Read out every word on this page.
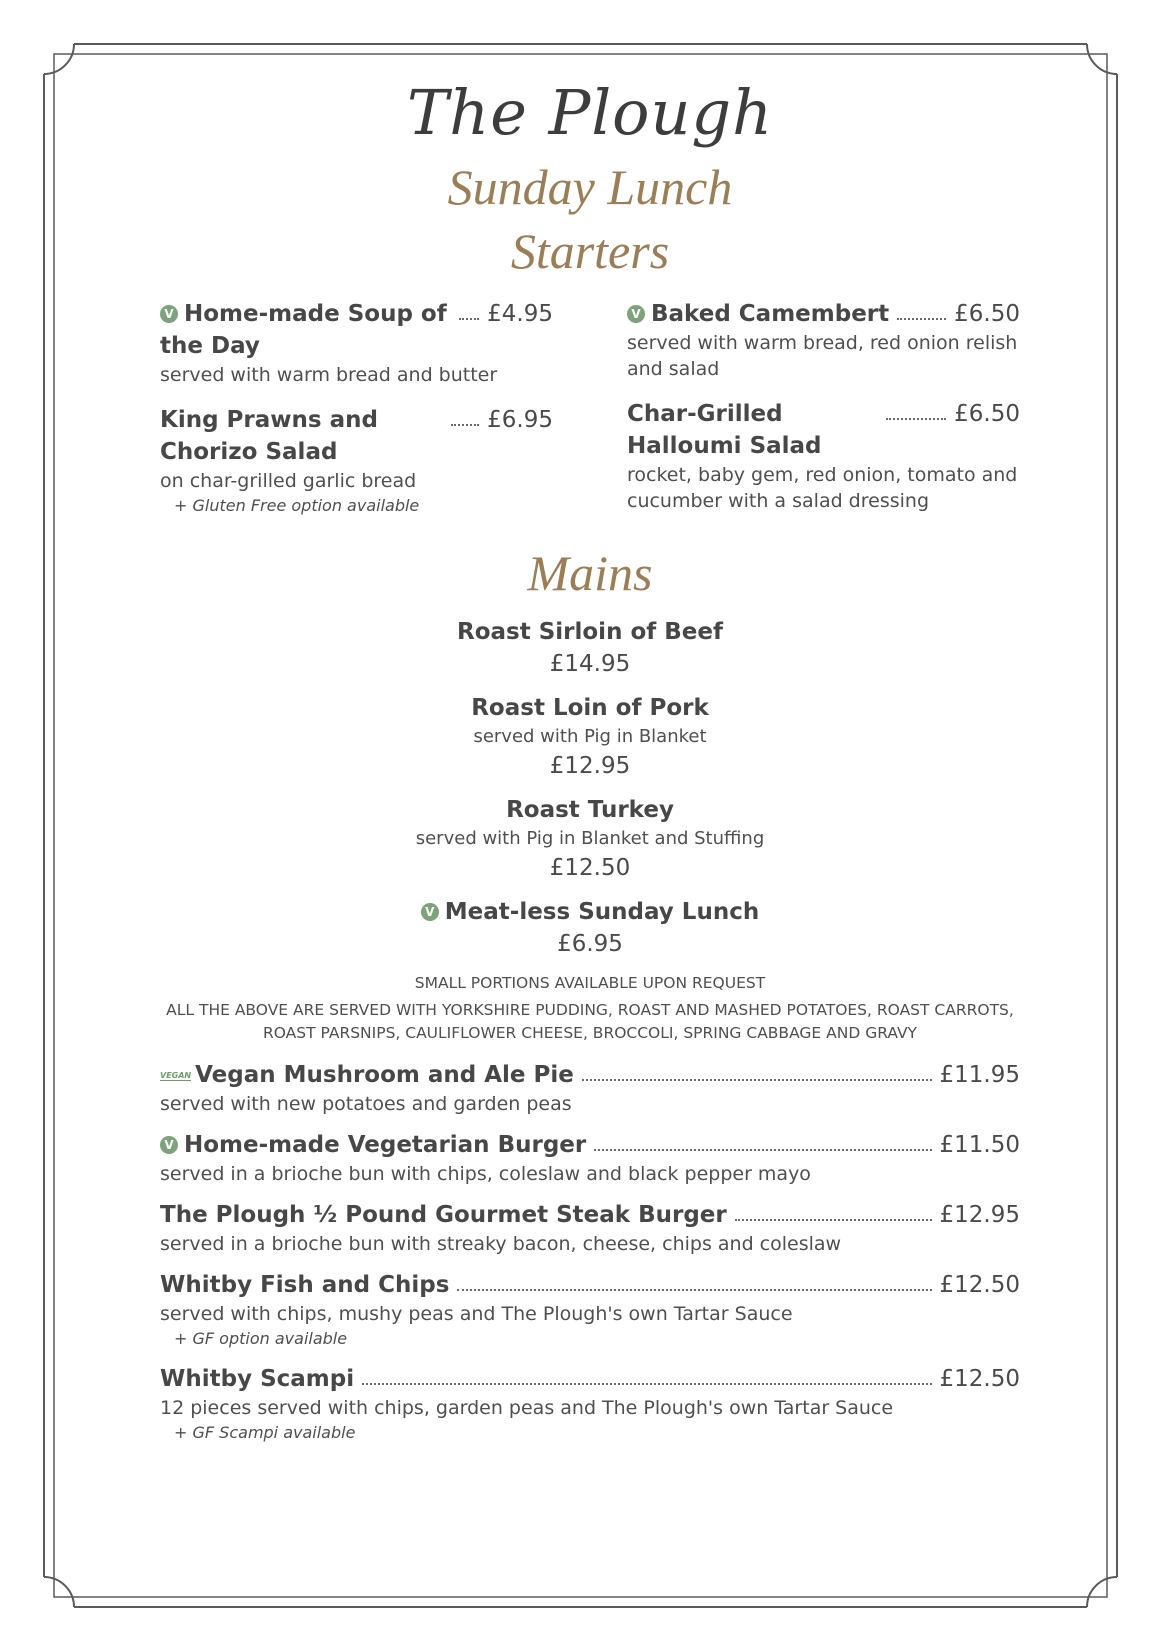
The Plough
Sunday Lunch
Starters
V Home-made Soup of the Day
£4.95
served with warm bread and butter
King Prawns and Chorizo Salad
£6.95
on char-grilled garlic bread
+ Gluten Free option available
V Baked Camembert	£6.50
served with warm bread, red onion relish and salad
Char-Grilled Halloumi Salad
£6.50
rocket, baby gem, red onion, tomato and cucumber with a salad dressing
Mains
Roast Sirloin of Beef
£14.95
Roast Loin of Pork
served with Pig in Blanket
£12.95
Roast Turkey
served with Pig in Blanket and Stuffing
£12.50
V Meat-less Sunday Lunch
£6.95
SMALL PORTIONS AVAILABLE UPON REQUEST
ALL THE ABOVE ARE SERVED WITH YORKSHIRE PUDDING, ROAST AND MASHED POTATOES, ROAST CARROTS, ROAST PARSNIPS, CAULIFLOWER CHEESE, BROCCOLI, SPRING CABBAGE AND GRAVY
VEGAN Vegan Mushroom and Ale Pie	£11.95
served with new potatoes and garden peas
V Home-made Vegetarian Burger	£11.50
served in a brioche bun with chips, coleslaw and black pepper mayo
The Plough ½ Pound Gourmet Steak Burger	£12.95
served in a brioche bun with streaky bacon, cheese, chips and coleslaw
Whitby Fish and Chips	£12.50
served with chips, mushy peas and The Plough's own Tartar Sauce
+ GF option available
Whitby Scampi	£12.50
12 pieces served with chips, garden peas and The Plough's own Tartar Sauce
+ GF Scampi available
